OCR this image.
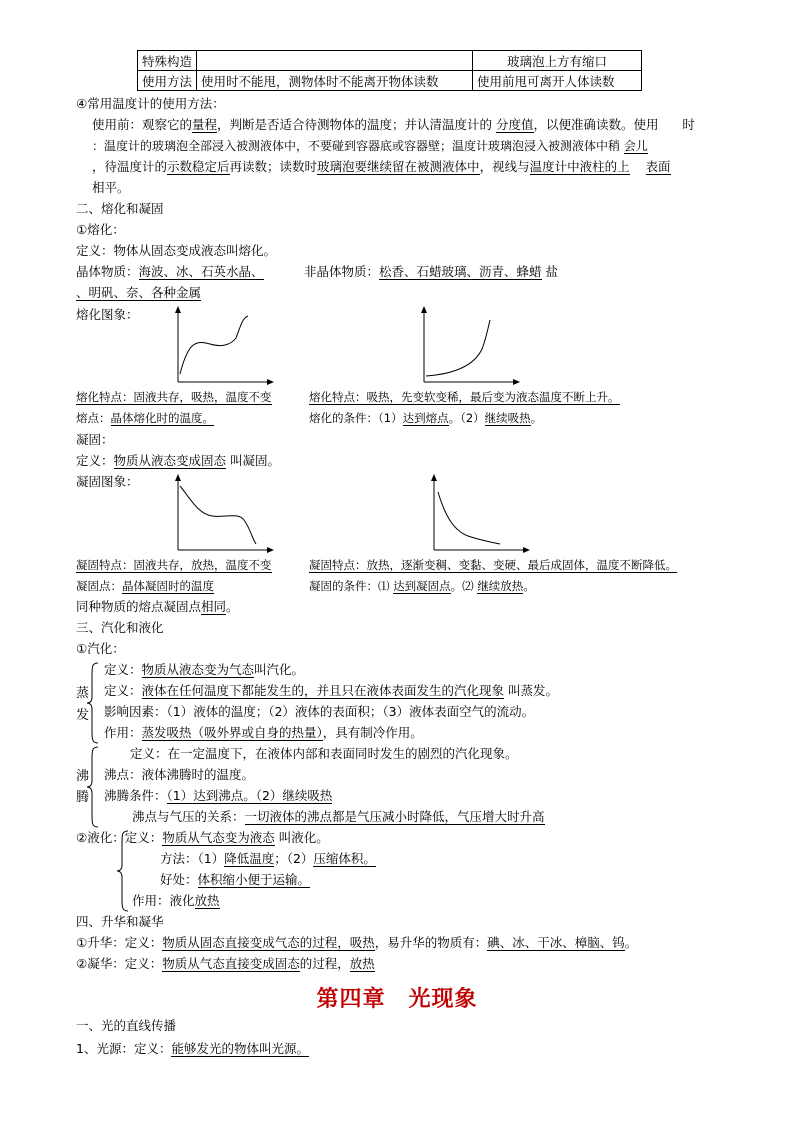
特殊构造		玻璃泡上方有缩口
使用方法	使用时不能甩，测物体时不能离开物体读数	使用前甩可离开人体读数
④常用温度计的使用方法：
使用前：观察它的量程，判断是否适合待测物体的温度；并认清温度计的 分度值，以便准确读数。使用 时
：温度计的玻璃泡全部浸入被测液体中，不要碰到容器底或容器壁；温度计玻璃泡浸入被测液体中稍 会儿
，待温度计的示数稳定后再读数；读数时玻璃泡要继续留在被测液体中，视线与温度计中液柱的上 表面
相平。
二、熔化和凝固
①熔化：
定义：物体从固态变成液态叫熔化。
晶体物质：海波、冰、石英水晶、	非晶体物质：松香、石蜡玻璃、沥青、蜂蜡 盐
、明矾、奈、各种金属
熔化图象：
熔化特点：固液共存，吸热，温度不变	熔化特点：吸热，先变软变稀，最后变为液态温度不断上升。
熔点：晶体熔化时的温度。	熔化的条件：（1）达到熔点。（2）继续吸热。
凝固：
定义：物质从液态变成固态 叫凝固。
凝固图象：
凝固特点：固液共存，放热，温度不变	凝固特点：放热，逐渐变稠、变黏、变硬、最后成固体，温度不断降低。
凝固点：晶体凝固时的温度	凝固的条件：⑴ 达到凝固点。⑵ 继续放热。
同种物质的熔点凝固点相同。
三、汽化和液化
①汽化：
蒸
发
定义：物质从液态变为气态叫汽化。
定义：液体在任何温度下都能发生的，并且只在液体表面发生的汽化现象 叫蒸发。
影响因素：（1）液体的温度；（2）液体的表面积；（3）液体表面空气的流动。
作用：蒸发吸热（吸外界或自身的热量），具有制冷作用。
沸
腾
定义：在一定温度下，在液体内部和表面同时发生的剧烈的汽化现象。
沸点：液体沸腾时的温度。
沸腾条件：（1）达到沸点。（2）继续吸热
沸点与气压的关系：一切液体的沸点都是气压减小时降低，气压增大时升高
②液化：定义：物质从气态变为液态 叫液化。
方法：（1）降低温度；（2）压缩体积。
好处：体积缩小便于运输。
作用：液化放热
四、升华和凝华
①升华：定义：物质从固态直接变成气态的过程，吸热，易升华的物质有：碘、冰、干冰、樟脑、钨。
②凝华：定义：物质从气态直接变成固态的过程，放热
第四章　光现象
一、光的直线传播
1、光源：定义：能够发光的物体叫光源。
